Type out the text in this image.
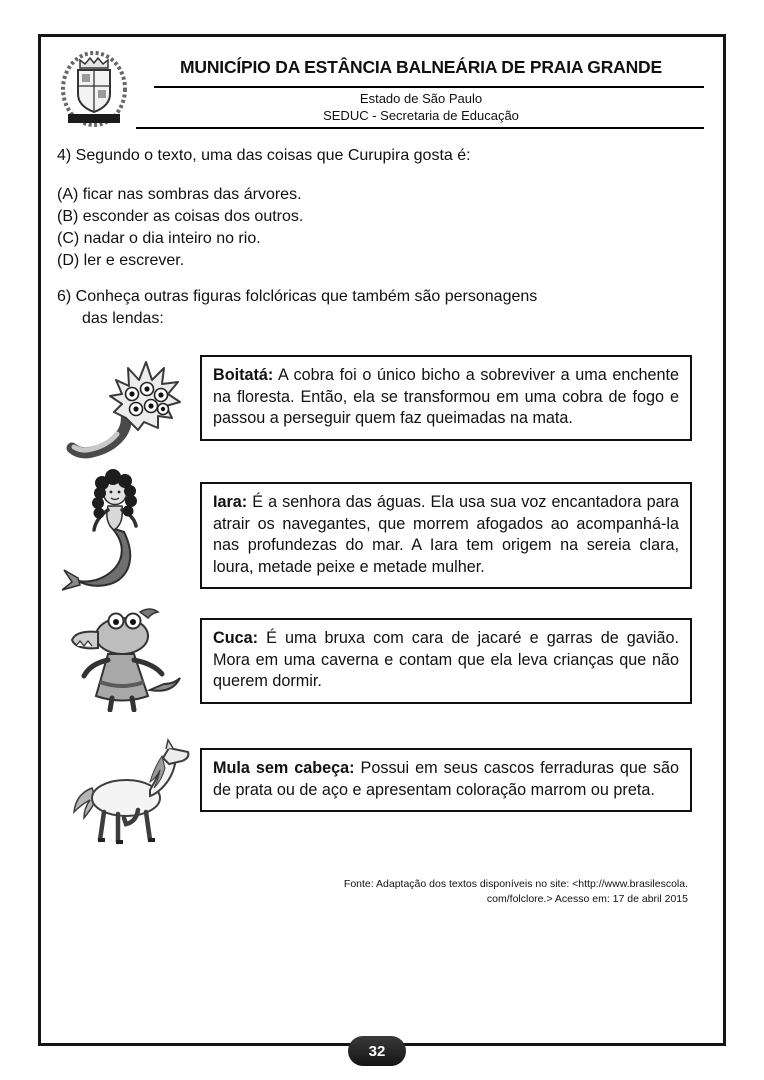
MUNICÍPIO DA ESTÂNCIA BALNEÁRIA DE PRAIA GRANDE
Estado de São Paulo
SEDUC - Secretaria de Educação
4) Segundo o texto, uma das coisas que Curupira gosta é:
(A) ficar nas sombras das árvores.
(B) esconder as coisas dos outros.
(C) nadar o dia inteiro no rio.
(D) ler e escrever.
6) Conheça outras figuras folclóricas que também são personagens
das lendas:

Boitatá: A cobra foi o único bicho a sobreviver a uma enchente na floresta. Então, ela se transformou em uma cobra de fogo e passou a perseguir quem faz queimadas na mata.

Iara: É a senhora das águas. Ela usa sua voz encantadora para atrair os navegantes, que morrem afogados ao acompanhá-la nas profundezas do mar. A Iara tem origem na sereia clara, loura, metade peixe e metade mulher.

Cuca: É uma bruxa com cara de jacaré e garras de gavião. Mora em uma caverna e contam que ela leva crianças que não querem dormir.

Mula sem cabeça: Possui em seus cascos ferraduras que são de prata ou de aço e apresentam coloração marrom ou preta.

Fonte: Adaptação dos textos disponíveis no site: <http://www.brasilescola.
com/folclore.> Acesso em: 17 de abril 2015
32
